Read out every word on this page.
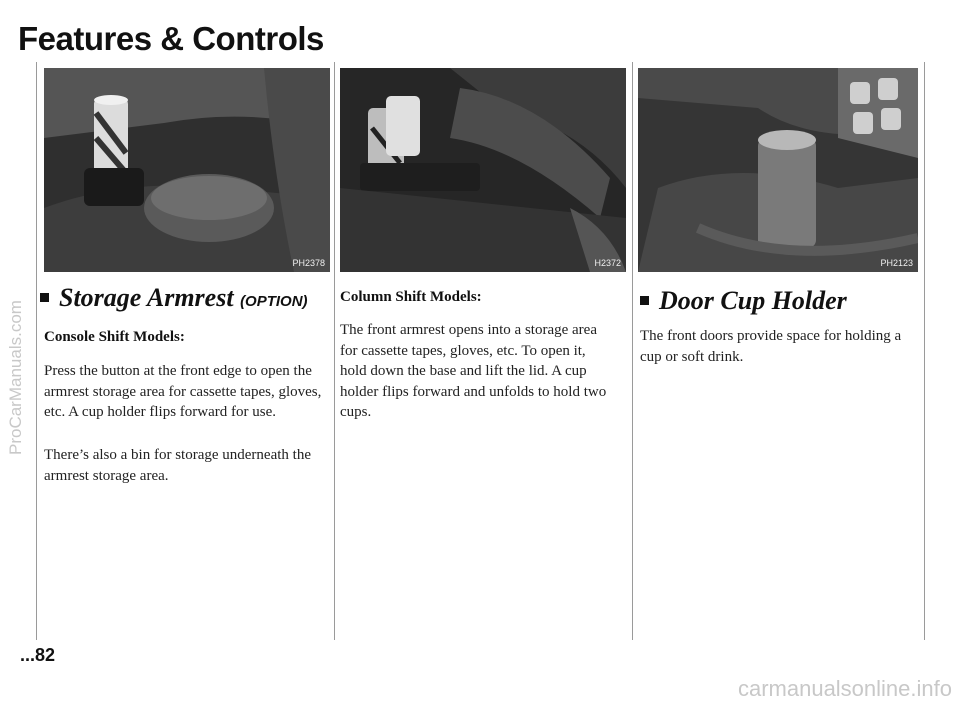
Features & Controls
PH2378	H2372	PH2123
Storage Armrest (OPTION)
Console Shift Models:
Press the button at the front edge to open the armrest storage area for cassette tapes, gloves, etc. A cup holder flips forward for use.
There’s also a bin for storage underneath the armrest storage area.
Column Shift Models:
The front armrest opens into a storage area for cassette tapes, gloves, etc. To open it, hold down the base and lift the lid. A cup holder flips forward and unfolds to hold two cups.
Door Cup Holder
The front doors provide space for holding a cup or soft drink.
...82
ProCarManuals.com
carmanualsonline.info
